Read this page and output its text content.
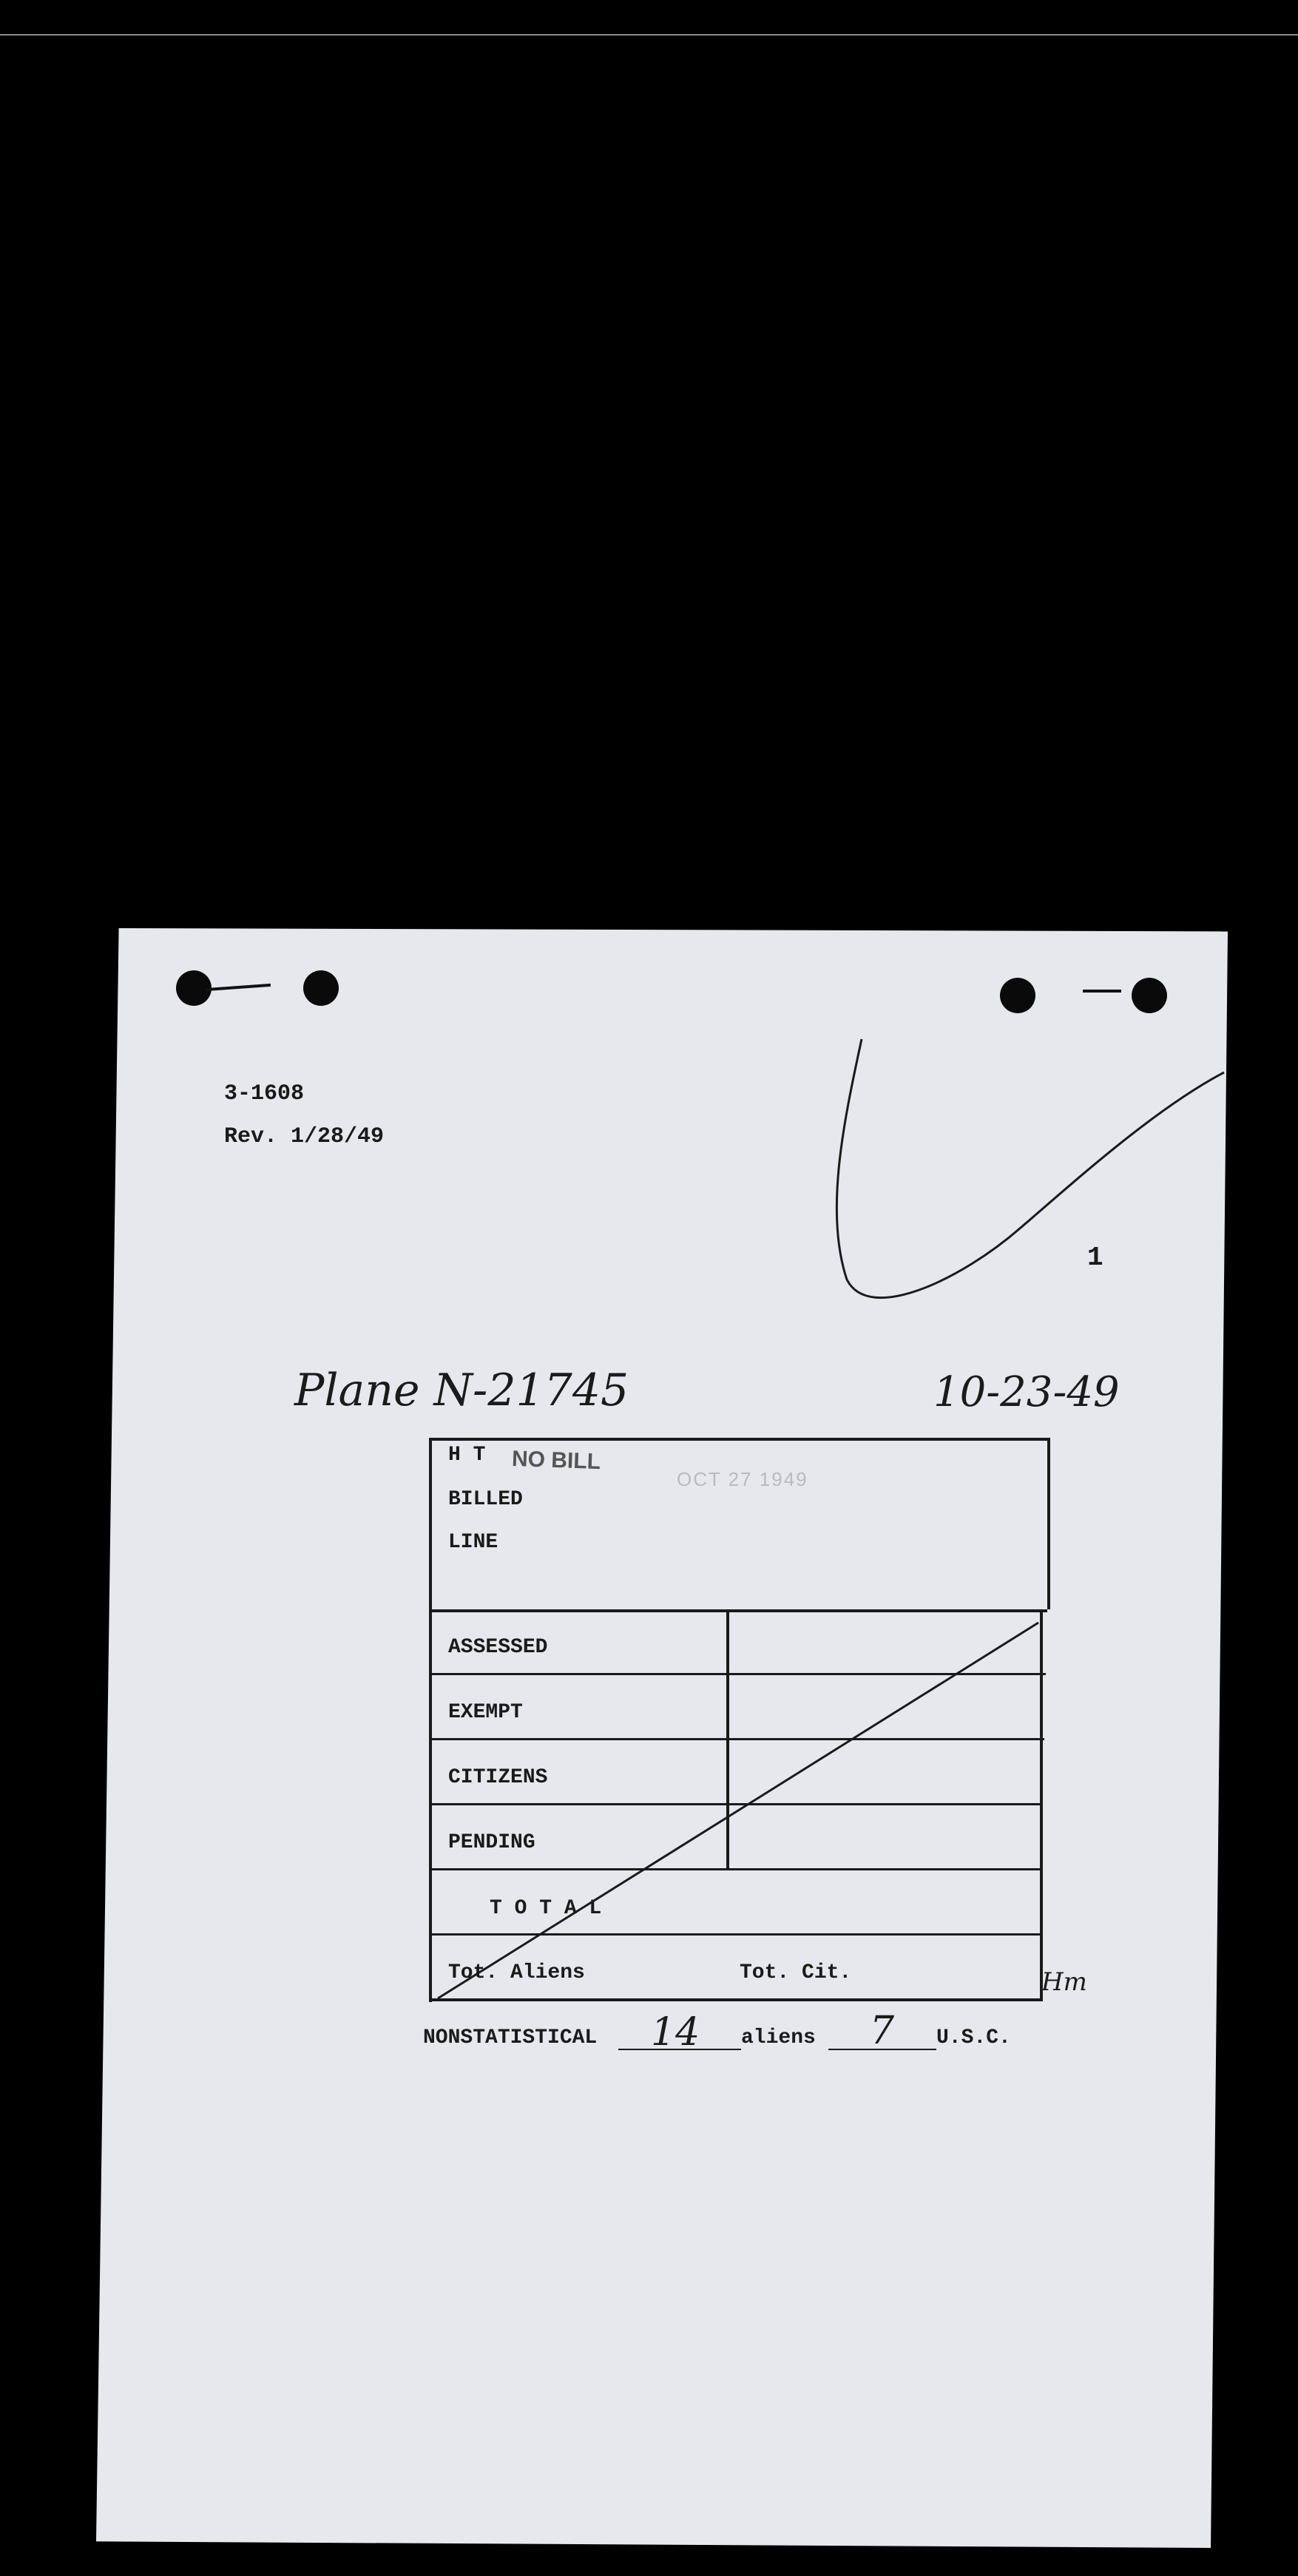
3-1608
Rev. 1/28/49
1
Plane N-21745	10-23-49
H T NO BILL
OCT 27 1949
BILLED
LINE
ASSESSED
EXEMPT
CITIZENS
PENDING
T O T A L
Tot. Aliens	Tot. Cit.	Hm
NONSTATISTICAL 14 aliens 7 U.S.C.
